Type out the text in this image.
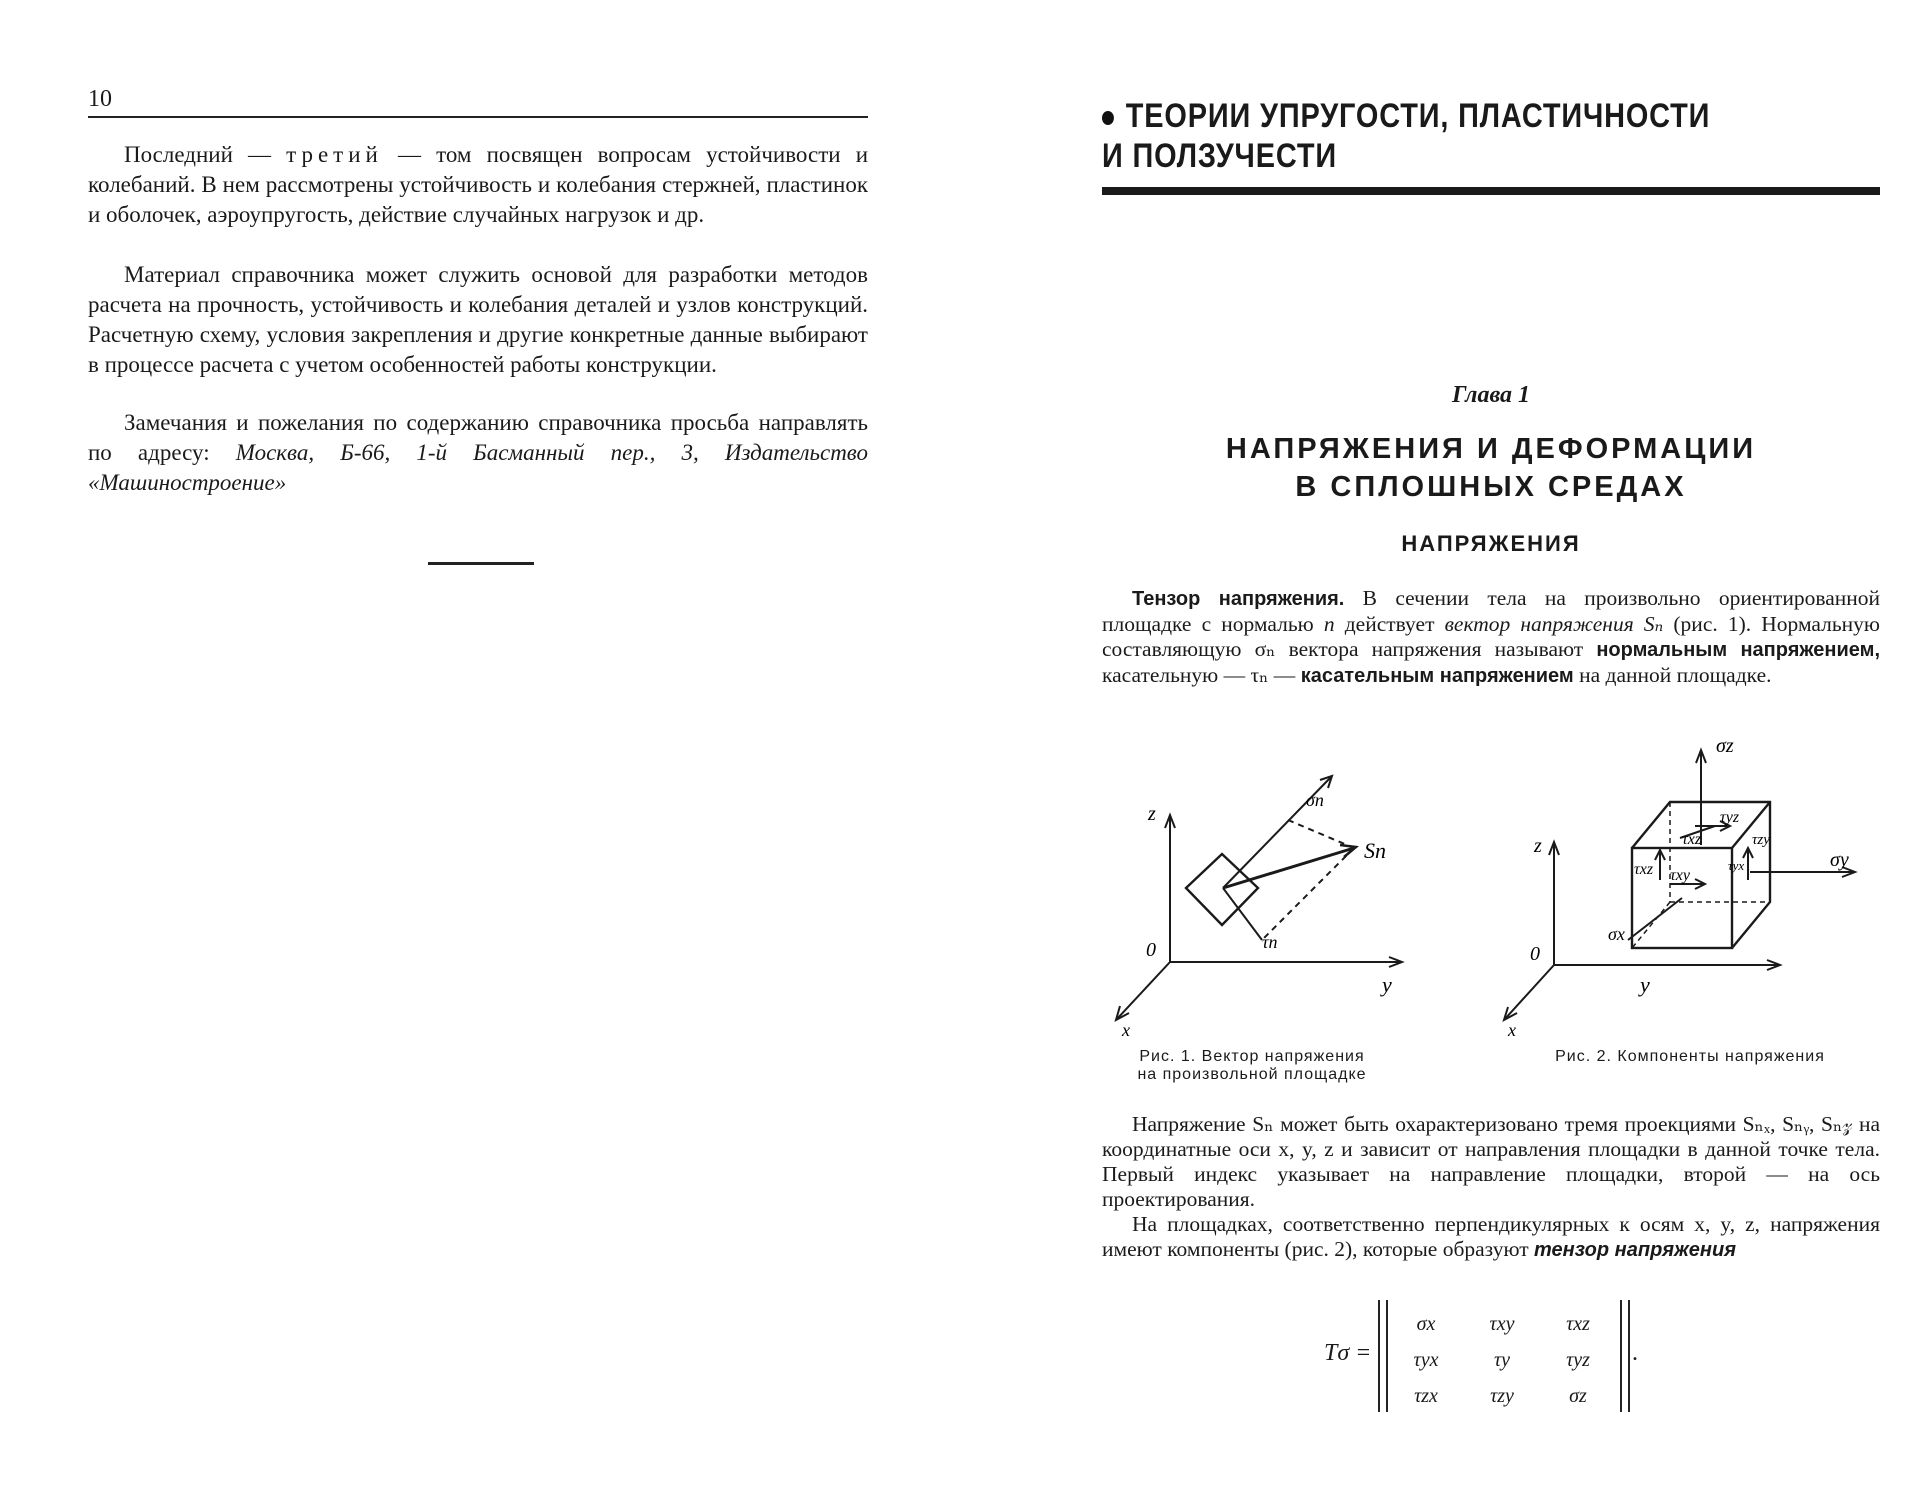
10

Последний — третий — том посвящен вопросам устойчивости и колебаний. В нем рассмотрены устойчивость и колебания стержней, пластинок и оболочек, аэроупругость, действие случайных нагрузок и др.

Материал справочника может служить основой для разработки методов расчета на прочность, устойчивость и колебания деталей и узлов конструкций. Расчетную схему, условия закрепления и другие конкретные данные выбирают в процессе расчета с учетом особенностей работы конструкции.

Замечания и пожелания по содержанию справочника просьба направлять по адресу: Москва, Б-66, 1-й Басманный пер., 3, Издательство «Машиностроение»

ТЕОРИИ УПРУГОСТИ, ПЛАСТИЧНОСТИ
И ПОЛЗУЧЕСТИ
Глава 1
НАПРЯЖЕНИЯ И ДЕФОРМАЦИИ
В СПЛОШНЫХ СРЕДАХ
НАПРЯЖЕНИЯ

Тензор напряжения. В сечении тела на произвольно ориентированной площадке с нормалью n действует вектор напряжения Sₙ (рис. 1). Нормальную составляющую σₙ вектора напряжения называют нормальным напряжением, касательную — τₙ — касательным напряжением на данной площадке.

z
y
x
0
σn
Sn
τn
Рис. 1. Вектор напряжения
на произвольной площадке
σz
σy
σx
τyz
τxz	τzy
τxz τxy
τyx
z
y
x
0
Рис. 2. Компоненты напряжения

Напряжение Sₙ может быть охарактеризовано тремя проекциями Sₙₓ, Sₙᵧ, Sₙ𝓏 на координатные оси x, y, z и зависит от направления площадки в данной точке тела. Первый индекс указывает на направление площадки, второй — на ось проектирования.

На площадках, соответственно перпендикулярных к осям x, y, z, напряжения имеют компоненты (рис. 2), которые образуют тензор напряжения

Tσ =
σx	τxy	τxz
τyx	τy	τyz
τzx	τzy	σz
.
